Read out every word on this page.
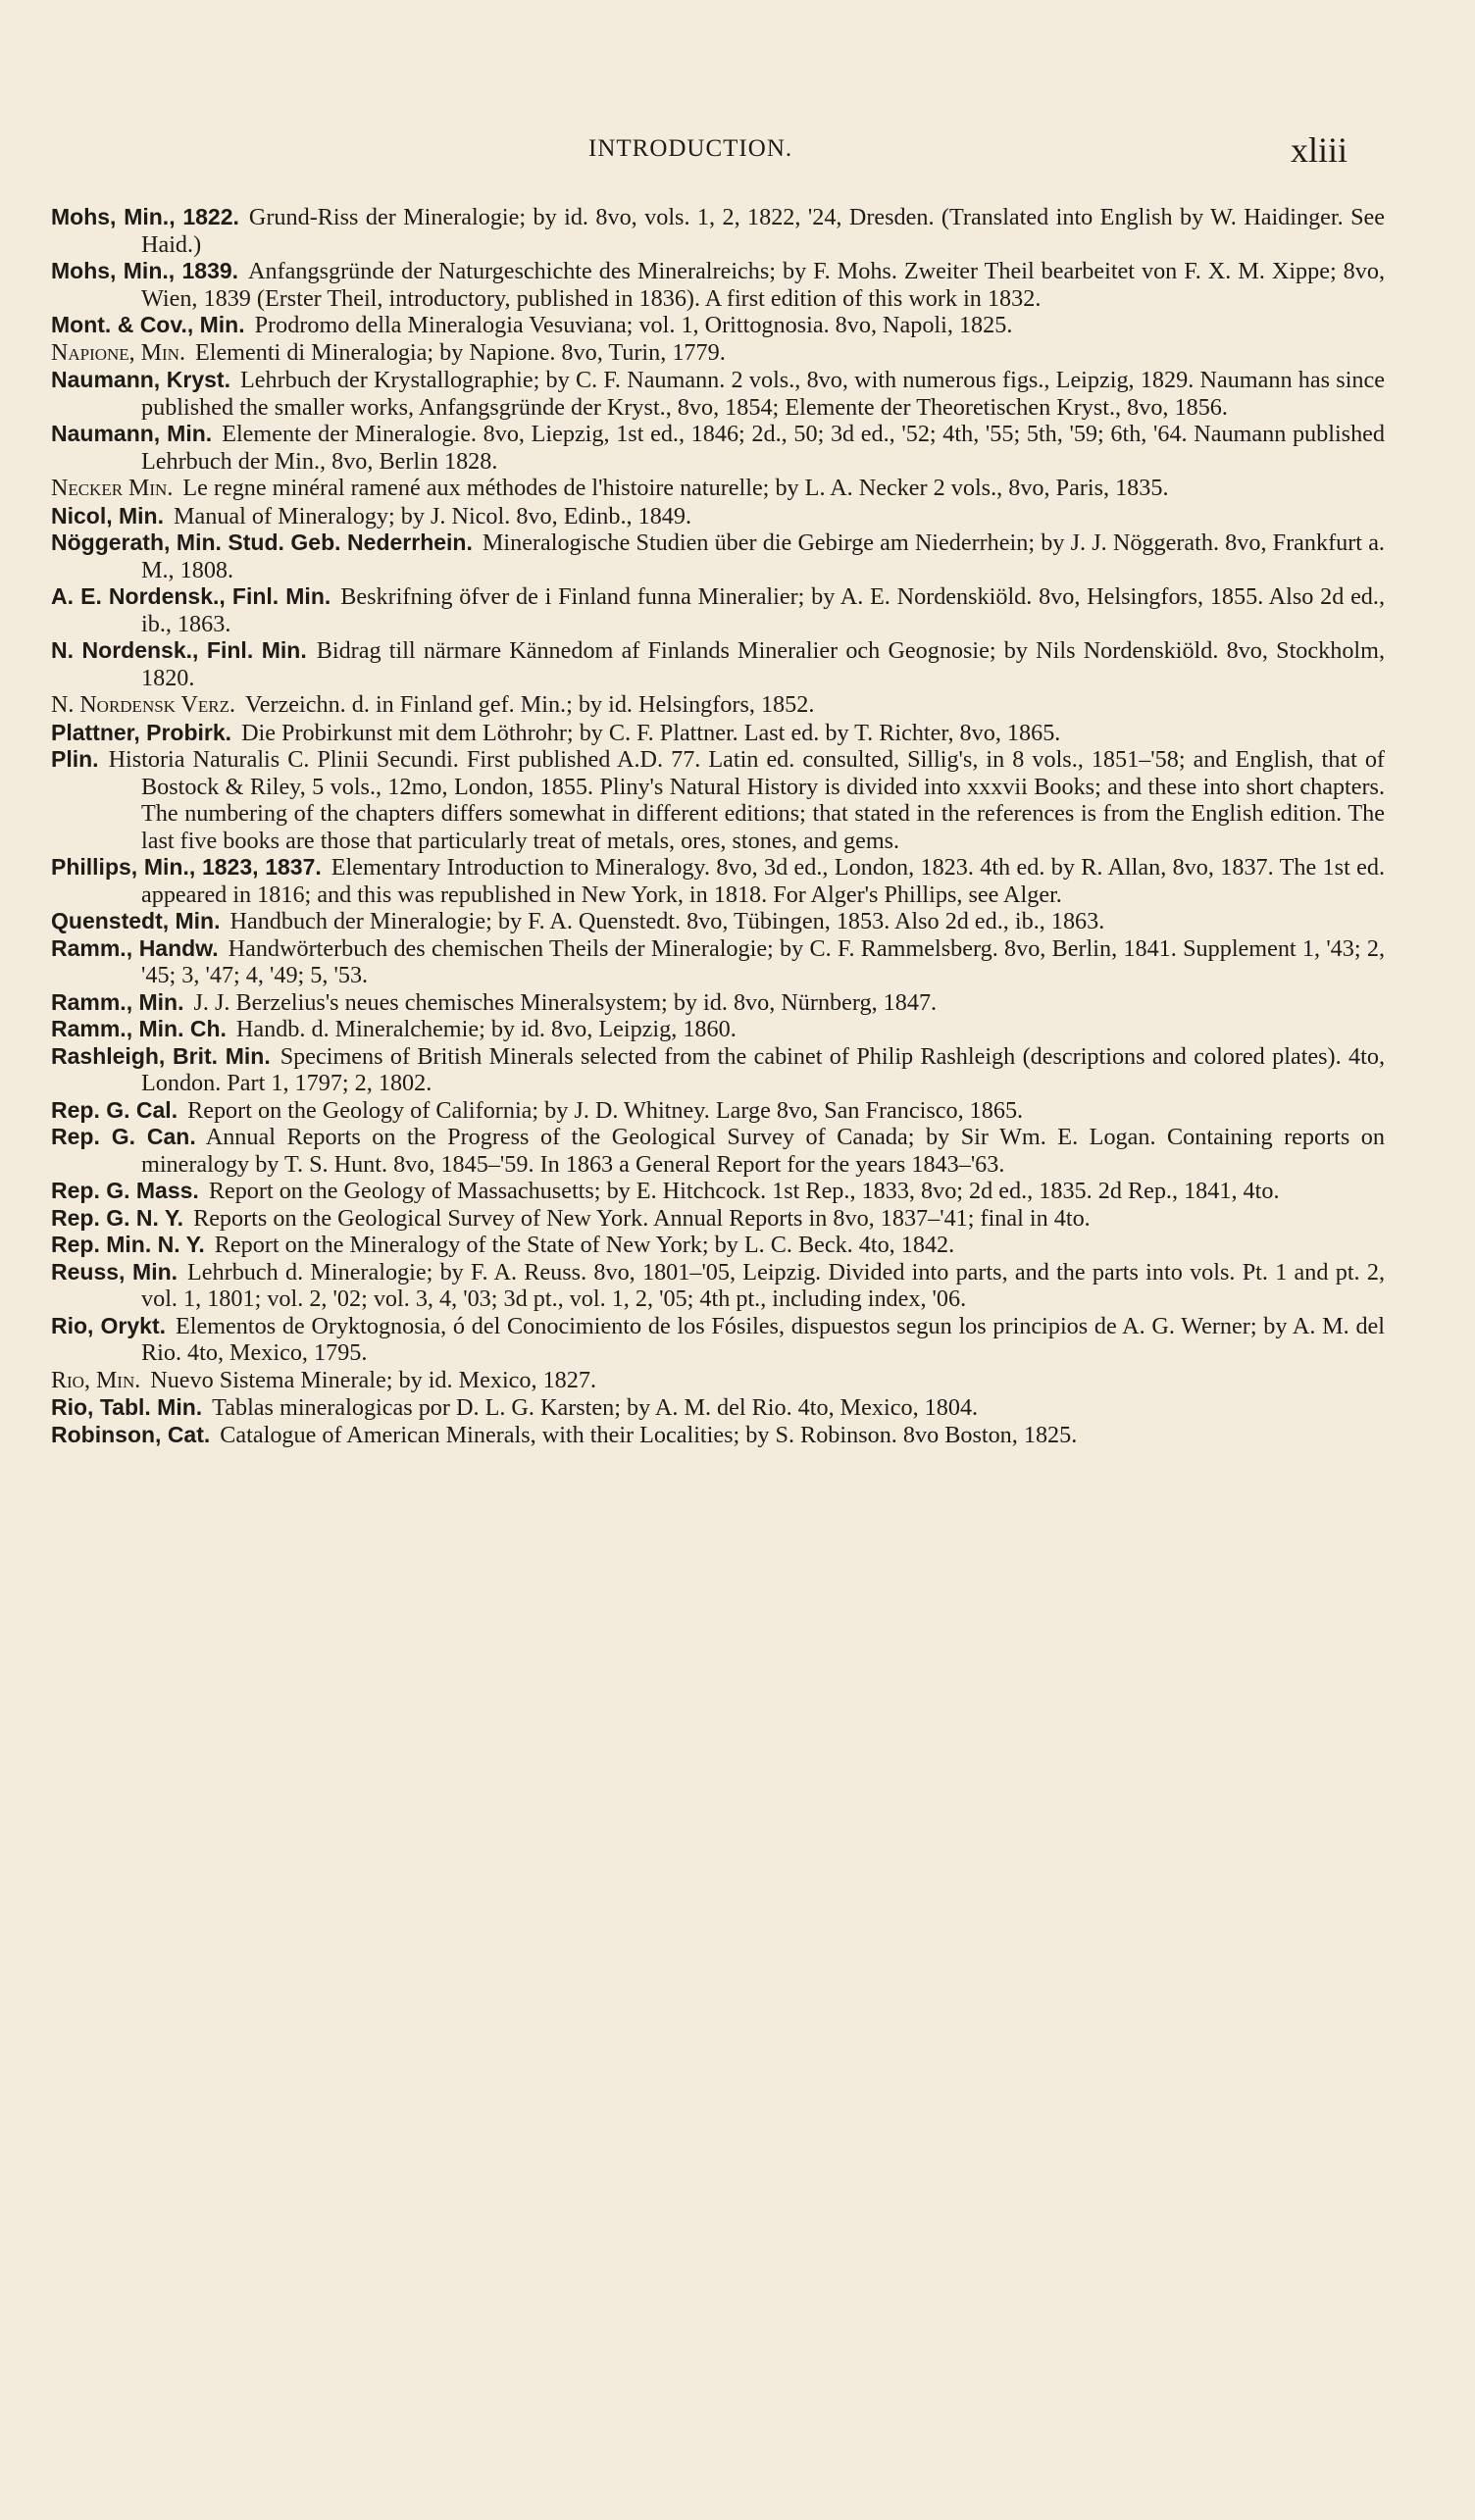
INTRODUCTION.	xliii

Mohs, Min., 1822. Grund-Riss der Mineralogie; by id. 8vo, vols. 1, 2, 1822, '24, Dresden. (Translated into English by W. Haidinger. See Haid.)

Mohs, Min., 1839. Anfangsgründe der Naturgeschichte des Mineralreichs; by F. Mohs. Zweiter Theil bearbeitet von F. X. M. Xippe; 8vo, Wien, 1839 (Erster Theil, introductory, published in 1836). A first edition of this work in 1832.

Mont. & Cov., Min. Prodromo della Mineralogia Vesuviana; vol. 1, Orittognosia. 8vo, Napoli, 1825.

Napione, Min. Elementi di Mineralogia; by Napione. 8vo, Turin, 1779.

Naumann, Kryst. Lehrbuch der Krystallographie; by C. F. Naumann. 2 vols., 8vo, with numerous figs., Leipzig, 1829. Naumann has since published the smaller works, Anfangsgründe der Kryst., 8vo, 1854; Elemente der Theoretischen Kryst., 8vo, 1856.

Naumann, Min. Elemente der Mineralogie. 8vo, Liepzig, 1st ed., 1846; 2d., 50; 3d ed., '52; 4th, '55; 5th, '59; 6th, '64. Naumann published Lehrbuch der Min., 8vo, Berlin 1828.

Necker Min. Le regne minéral ramené aux méthodes de l'histoire naturelle; by L. A. Necker 2 vols., 8vo, Paris, 1835.

Nicol, Min. Manual of Mineralogy; by J. Nicol. 8vo, Edinb., 1849.

Nöggerath, Min. Stud. Geb. Nederrhein. Mineralogische Studien über die Gebirge am Niederrhein; by J. J. Nöggerath. 8vo, Frankfurt a. M., 1808.

A. E. Nordensk., Finl. Min. Beskrifning öfver de i Finland funna Mineralier; by A. E. Nordenskiöld. 8vo, Helsingfors, 1855. Also 2d ed., ib., 1863.

N. Nordensk., Finl. Min. Bidrag till närmare Kännedom af Finlands Mineralier och Geognosie; by Nils Nordenskiöld. 8vo, Stockholm, 1820.

N. Nordensk Verz. Verzeichn. d. in Finland gef. Min.; by id. Helsingfors, 1852.

Plattner, Probirk. Die Probirkunst mit dem Löthrohr; by C. F. Plattner. Last ed. by T. Richter, 8vo, 1865.

Plin. Historia Naturalis C. Plinii Secundi. First published A.D. 77. Latin ed. consulted, Sillig's, in 8 vols., 1851–'58; and English, that of Bostock & Riley, 5 vols., 12mo, London, 1855. Pliny's Natural History is divided into xxxvii Books; and these into short chapters. The numbering of the chapters differs somewhat in different editions; that stated in the references is from the English edition. The last five books are those that particularly treat of metals, ores, stones, and gems.

Phillips, Min., 1823, 1837. Elementary Introduction to Mineralogy. 8vo, 3d ed., London, 1823. 4th ed. by R. Allan, 8vo, 1837. The 1st ed. appeared in 1816; and this was republished in New York, in 1818. For Alger's Phillips, see Alger.

Quenstedt, Min. Handbuch der Mineralogie; by F. A. Quenstedt. 8vo, Tübingen, 1853. Also 2d ed., ib., 1863.

Ramm., Handw. Handwörterbuch des chemischen Theils der Mineralogie; by C. F. Rammelsberg. 8vo, Berlin, 1841. Supplement 1, '43; 2, '45; 3, '47; 4, '49; 5, '53.

Ramm., Min. J. J. Berzelius's neues chemisches Mineralsystem; by id. 8vo, Nürnberg, 1847.

Ramm., Min. Ch. Handb. d. Mineralchemie; by id. 8vo, Leipzig, 1860.

Rashleigh, Brit. Min. Specimens of British Minerals selected from the cabinet of Philip Rashleigh (descriptions and colored plates). 4to, London. Part 1, 1797; 2, 1802.

Rep. G. Cal. Report on the Geology of California; by J. D. Whitney. Large 8vo, San Francisco, 1865.

Rep. G. Can. Annual Reports on the Progress of the Geological Survey of Canada; by Sir Wm. E. Logan. Containing reports on mineralogy by T. S. Hunt. 8vo, 1845–'59. In 1863 a General Report for the years 1843–'63.

Rep. G. Mass. Report on the Geology of Massachusetts; by E. Hitchcock. 1st Rep., 1833, 8vo; 2d ed., 1835. 2d Rep., 1841, 4to.

Rep. G. N. Y. Reports on the Geological Survey of New York. Annual Reports in 8vo, 1837–'41; final in 4to.

Rep. Min. N. Y. Report on the Mineralogy of the State of New York; by L. C. Beck. 4to, 1842.

Reuss, Min. Lehrbuch d. Mineralogie; by F. A. Reuss. 8vo, 1801–'05, Leipzig. Divided into parts, and the parts into vols. Pt. 1 and pt. 2, vol. 1, 1801; vol. 2, '02; vol. 3, 4, '03; 3d pt., vol. 1, 2, '05; 4th pt., including index, '06.

Rio, Orykt. Elementos de Oryktognosia, ó del Conocimiento de los Fósiles, dispuestos segun los principios de A. G. Werner; by A. M. del Rio. 4to, Mexico, 1795.

Rio, Min. Nuevo Sistema Minerale; by id. Mexico, 1827.

Rio, Tabl. Min. Tablas mineralogicas por D. L. G. Karsten; by A. M. del Rio. 4to, Mexico, 1804.

Robinson, Cat. Catalogue of American Minerals, with their Localities; by S. Robinson. 8vo Boston, 1825.
